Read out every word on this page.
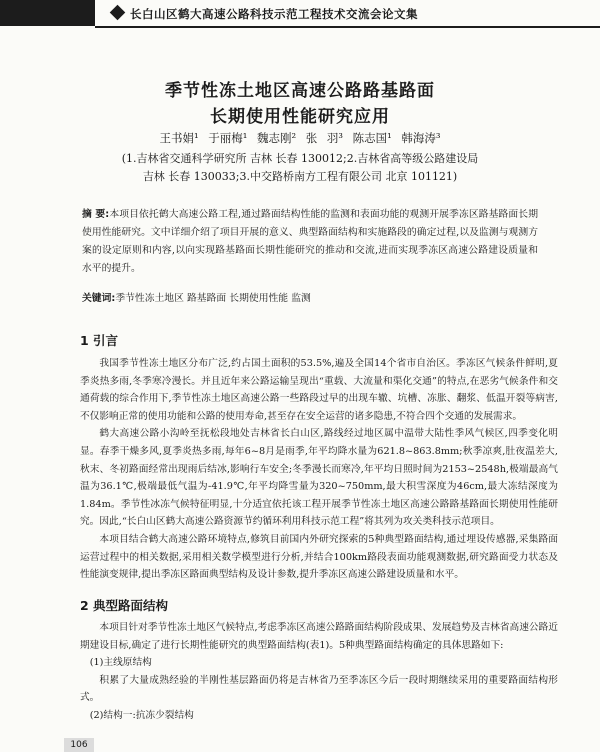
长白山区鹤大高速公路科技示范工程技术交流会论文集
季节性冻土地区高速公路路基路面
长期使用性能研究应用
王书娟¹ 于丽梅¹ 魏志刚² 张 羽³ 陈志国¹ 韩海涛³
(1.吉林省交通科学研究所 吉林 长春 130012;2.吉林省高等级公路建设局
吉林 长春 130033;3.中交路桥南方工程有限公司 北京 101121)
摘 要:本项目依托鹤大高速公路工程,通过路面结构性能的监测和表面功能的观测开展季冻区路基路面长期使用性能研究。文中详细介绍了项目开展的意义、典型路面结构和实施路段的确定过程,以及监测与观测方案的设定原则和内容,以向实现路基路面长期性能研究的推动和交流,进而实现季冻区高速公路建设质量和水平的提升。
关键词:季节性冻土地区 路基路面 长期使用性能 监测
1 引言

我国季节性冻土地区分布广泛,约占国土面积的53.5%,遍及全国14个省市自治区。季冻区气候条件鲜明,夏季炎热多雨,冬季寒冷漫长。并且近年来公路运输呈现出“重载、大流量和渠化交通”的特点,在恶劣气候条件和交通荷载的综合作用下,季节性冻土地区高速公路一些路段过早的出现车辙、坑槽、冻胀、翻浆、低温开裂等病害,不仅影响正常的使用功能和公路的使用寿命,甚至存在安全运营的诸多隐患,不符合四个交通的发展需求。

鹤大高速公路小沟岭至抚松段地处吉林省长白山区,路线经过地区属中温带大陆性季风气候区,四季变化明显。春季干燥多风,夏季炎热多雨,每年6~8月是雨季,年平均降水量为621.8~863.8mm;秋季凉爽,肚夜温差大,秋末、冬初路面经常出现雨后结冰,影响行车安全;冬季漫长而寒冷,年平均日照时间为2153~2548h,极端最高气温为36.1℃,极端最低气温为-41.9℃,年平均降雪量为320~750mm,最大积雪深度为46cm,最大冻结深度为1.84m。季节性冰冻气候特征明显,十分适宜依托该工程开展季节性冻土地区高速公路路基路面长期使用性能研究。因此,“长白山区鹤大高速公路资源节约循环利用科技示范工程”将其列为攻关类科技示范项目。

本项目结合鹤大高速公路环境特点,修筑目前国内外研究探索的5种典型路面结构,通过埋设传感器,采集路面运营过程中的相关数据,采用相关数学模型进行分析,并结合100km路段表面功能观测数据,研究路面受力状态及性能演变规律,提出季冻区路面典型结构及设计参数,提升季冻区高速公路建设质量和水平。

2 典型路面结构

本项目针对季节性冻土地区气候特点,考虑季冻区高速公路路面结构阶段成果、发展趋势及吉林省高速公路近期建设目标,确定了进行长期性能研究的典型路面结构(表1)。5种典型路面结构确定的具体思路如下:

(1)主线原结构

积累了大量成熟经验的半刚性基层路面仍将是吉林省乃至季冻区今后一段时期继续采用的重要路面结构形式。

(2)结构一:抗冻少裂结构

106
